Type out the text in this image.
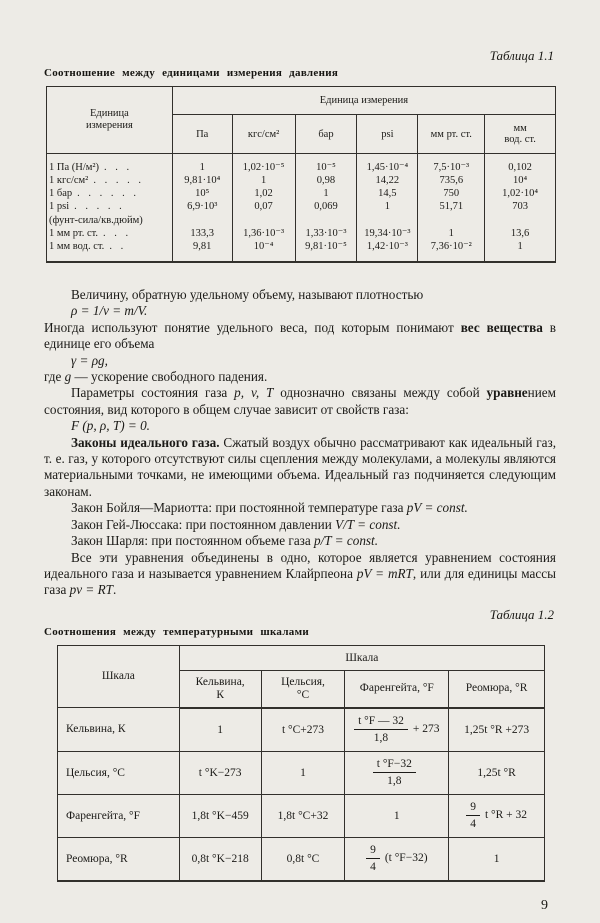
Таблица 1.1
Соотношение между единицами измерения давления
Единица измерения	Единица измерения					
	Па	кгс/см²	бар	psi	мм рт. ст.	мм
вод. ст.

1 Па (Н/м²) . . .	1	1,02·10⁻⁵	10⁻⁵	1,45·10⁻⁴	7,5·10⁻³	0,102
1 кгс/см² . . . . .	9,81·10⁴	1	0,98	14,22	735,6	10⁴
1 бар . . . . . .	10⁵	1,02	1	14,5	750	1,02·10⁴
1 psi . . . . .	6,9·10³	0,07	0,069	1	51,71	703
(фунт-сила/кв.дюйм)						
1 мм рт. ст. . . .	133,3	1,36·10⁻³	1,33·10⁻³	19,34·10⁻³	1	13,6
1 мм вод. ст. . .	9,81	10⁻⁴	9,81·10⁻⁵	1,42·10⁻³	7,36·10⁻²	1

Величину, обратную удельному объему, называют плотностью

ρ = 1/v = m/V.

Иногда используют понятие удельного веса, под которым понимают вес вещества в единице его объема

γ = ρg,

где g — ускорение свободного падения.

Параметры состояния газа p, v, T однозначно связаны между собой уравнением состояния, вид которого в общем случае зависит от свойств газа:

F (p, ρ, T) = 0.

Законы идеального газа. Сжатый воздух обычно рассматривают как идеальный газ, т. е. газ, у которого отсутствуют силы сцепления между молекулами, а молекулы являются материальными точками, не имеющими объема. Идеальный газ подчиняется следующим законам.

Закон Бойля—Мариотта: при постоянной температуре газа pV = const.

Закон Гей-Люссака: при постоянном давлении V/T = const.

Закон Шарля: при постоянном объеме газа p/T = const.

Все эти уравнения объединены в одно, которое является уравнением состояния идеального газа и называется уравнением Клайрпеона pV = mRT, или для единицы массы газа pv = RT.

Таблица 1.2
Соотношения между температурными шкалами
Шкала	Шкала			

	Кельвина,
К	Цельсия,
°С	Фаренгейта, °F	Реомюра, °R
Кельвина, К	1	t °C+273	$\frac{t ^\circ F — 32}{1,8} + 273$	1,25t °R +273
Цельсия, °С	t °K−273	1	$\frac{t ^\circ F-32}{1,8}$	1,25t °R
Фаренгейта, °F	1,8t °K−459	1,8t °C+32	1	$\frac{9}{4}$ t °R + 32
Реомюра, °R	0,8t °K−218	0,8t °C	$\frac{9}{4} (t$ °F−32)	1
9
